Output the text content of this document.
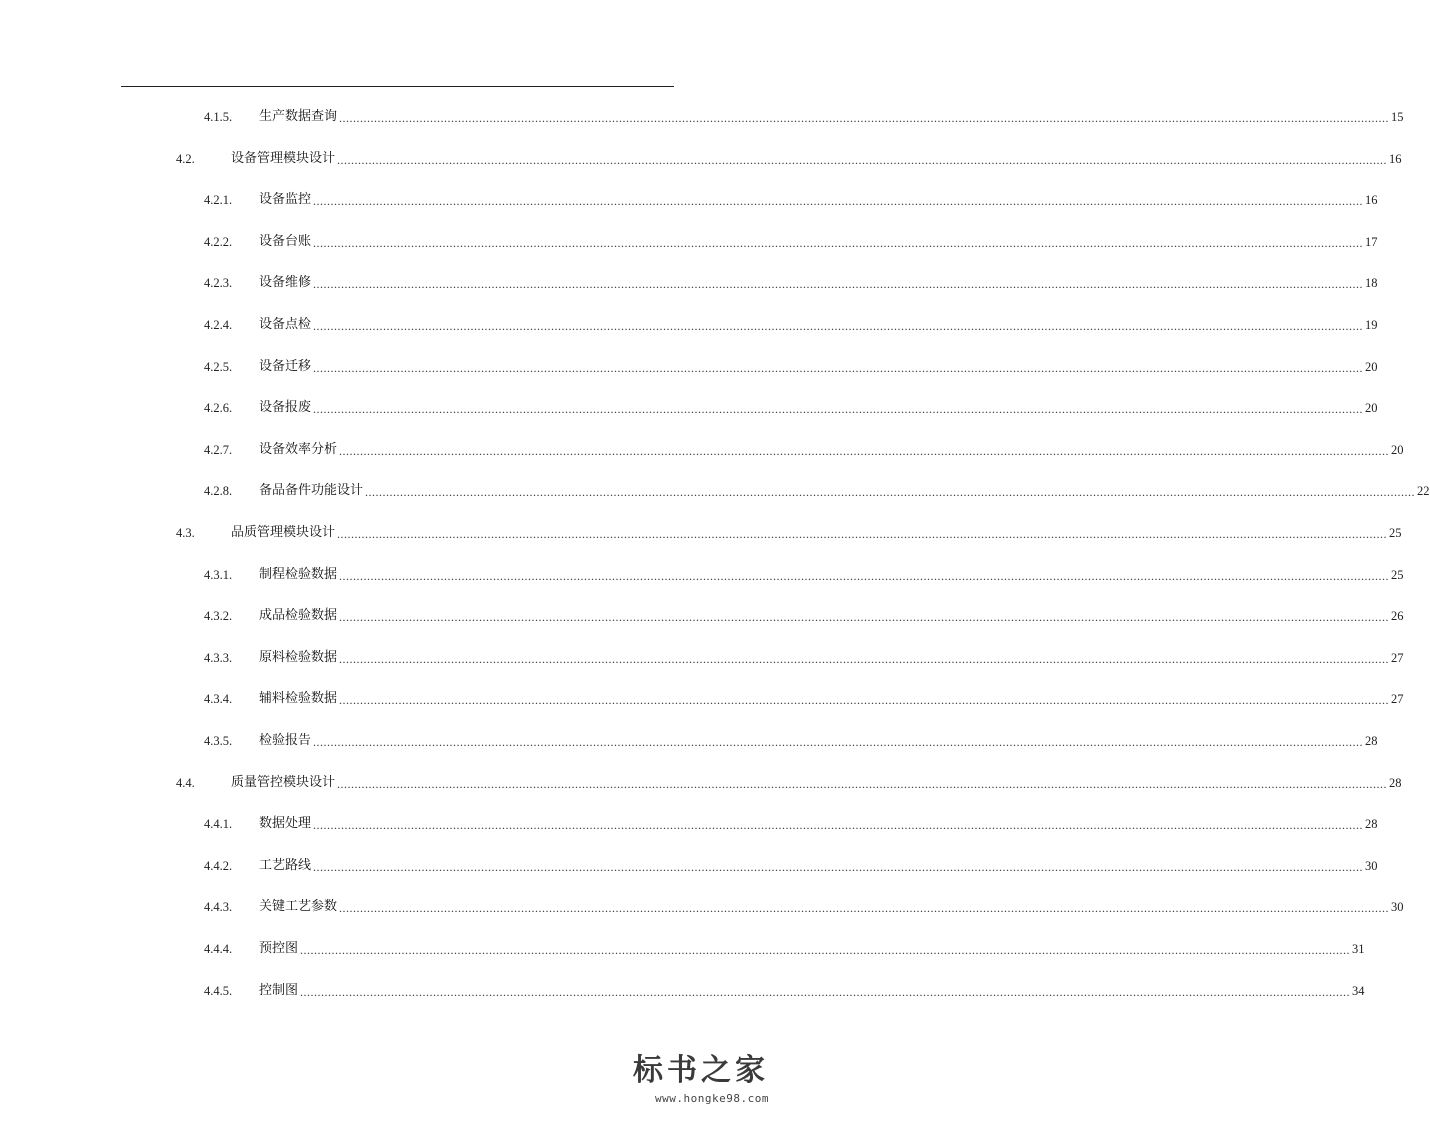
4.1.5. 生产数据查询 ............................................................................................................................................................................................................................................................................................................ 15
4.2.	设备管理模块设计 ............................................................................................................................................................................................................................................................................................................ 16
4.2.1. 设备监控 ............................................................................................................................................................................................................................................................................................................ 16
4.2.2. 设备台账 ............................................................................................................................................................................................................................................................................................................ 17
4.2.3. 设备维修 ............................................................................................................................................................................................................................................................................................................ 18
4.2.4. 设备点检 ............................................................................................................................................................................................................................................................................................................ 19
4.2.5. 设备迁移 ............................................................................................................................................................................................................................................................................................................ 20
4.2.6. 设备报废 ............................................................................................................................................................................................................................................................................................................ 20
4.2.7. 设备效率分析 ............................................................................................................................................................................................................................................................................................................ 20
4.2.8. 备品备件功能设计 ............................................................................................................................................................................................................................................................................................................ 22
4.3.	品质管理模块设计 ............................................................................................................................................................................................................................................................................................................ 25
4.3.1. 制程检验数据 ............................................................................................................................................................................................................................................................................................................ 25
4.3.2. 成品检验数据 ............................................................................................................................................................................................................................................................................................................ 26
4.3.3. 原料检验数据 ............................................................................................................................................................................................................................................................................................................ 27
4.3.4. 辅料检验数据 ............................................................................................................................................................................................................................................................................................................ 27
4.3.5. 检验报告 ............................................................................................................................................................................................................................................................................................................ 28
4.4.	质量管控模块设计 ............................................................................................................................................................................................................................................................................................................ 28
4.4.1. 数据处理 ............................................................................................................................................................................................................................................................................................................ 28
4.4.2. 工艺路线 ............................................................................................................................................................................................................................................................................................................ 30
4.4.3. 关键工艺参数 ............................................................................................................................................................................................................................................................................................................ 30
4.4.4. 预控图 ............................................................................................................................................................................................................................................................................................................ 31
4.4.5. 控制图 ............................................................................................................................................................................................................................................................................................................ 34
标书之家
www.hongke98.com
